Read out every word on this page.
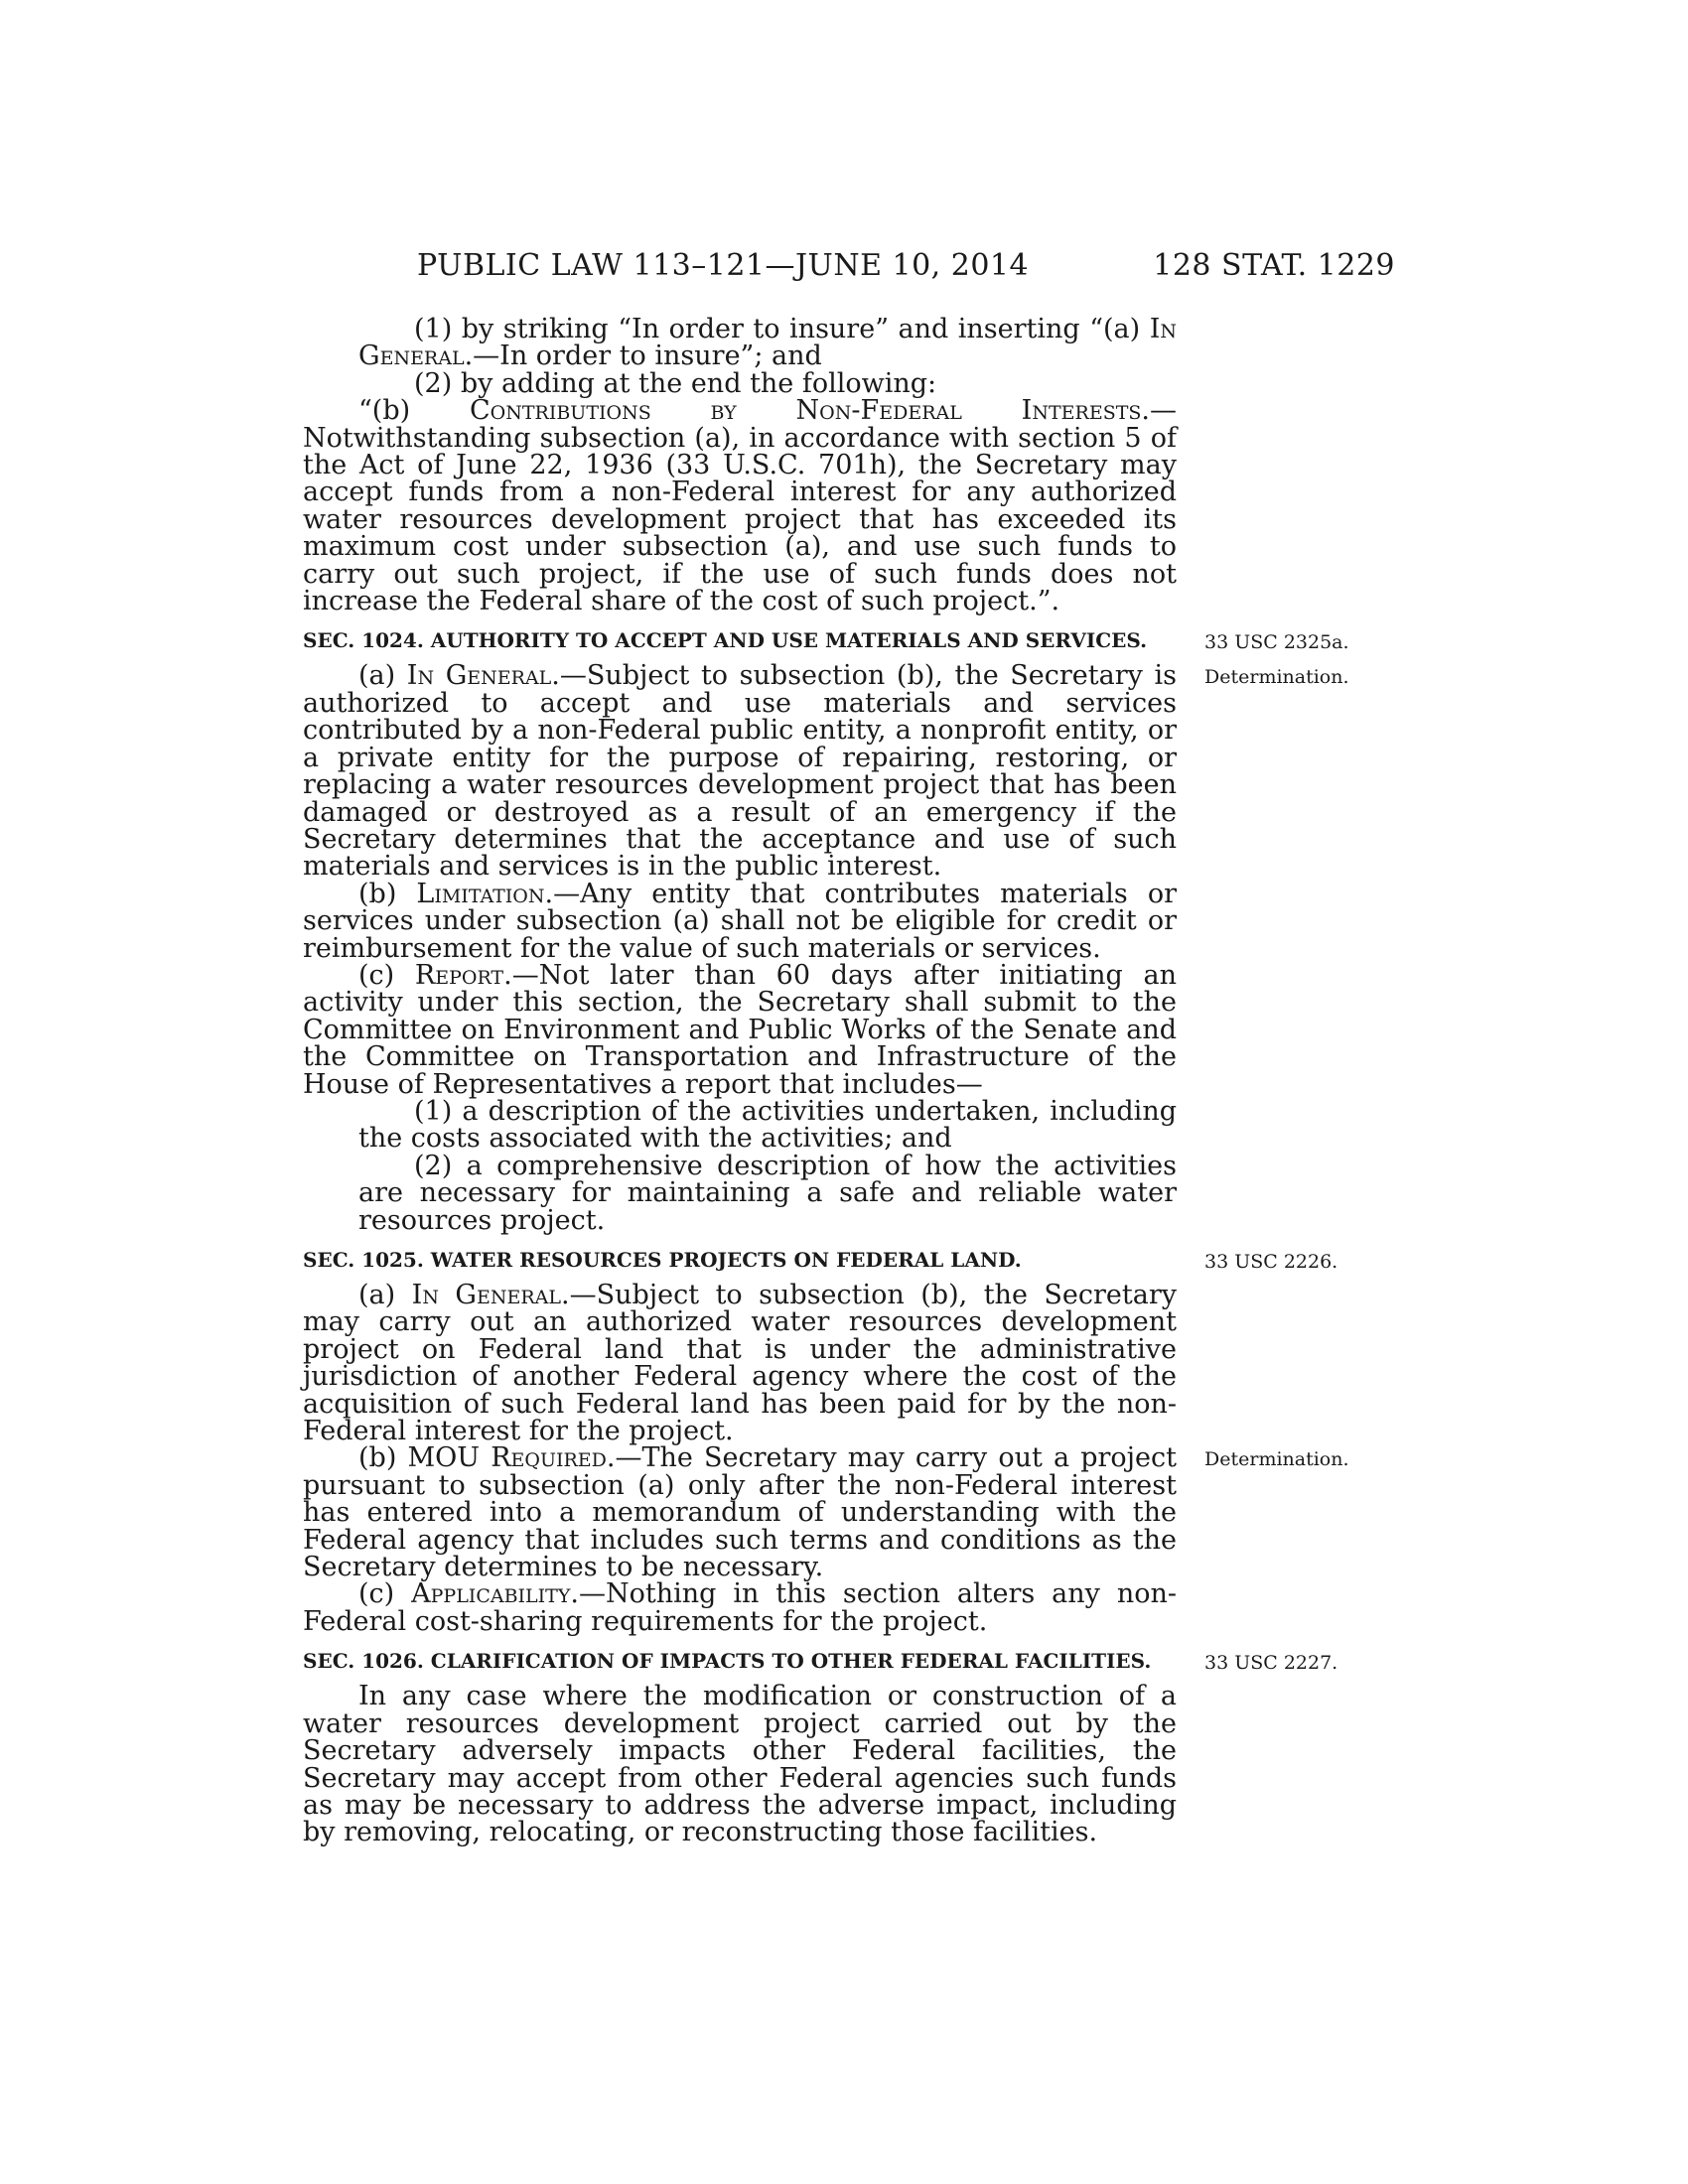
PUBLIC LAW 113–121—JUNE 10, 2014	128 STAT. 1229

(1) by striking “In order to insure” and inserting “(a) In General.—In order to insure”; and

(2) by adding at the end the following:

“(b) Contributions by Non-Federal Interests.—Notwithstanding subsection (a), in accordance with section 5 of the Act of June 22, 1936 (33 U.S.C. 701h), the Secretary may accept funds from a non-Federal interest for any authorized water resources development project that has exceeded its maximum cost under subsection (a), and use such funds to carry out such project, if the use of such funds does not increase the Federal share of the cost of such project.”.

SEC. 1024. AUTHORITY TO ACCEPT AND USE MATERIALS AND SERVICES.	33 USC 2325a.

(a) In General.—Subject to subsection (b), the Secretary is authorized to accept and use materials and services contributed by a non-Federal public entity, a nonprofit entity, or a private entity for the purpose of repairing, restoring, or replacing a water resources development project that has been damaged or destroyed as a result of an emergency if the Secretary determines that the acceptance and use of such materials and services is in the public interest.
Determination.

(b) Limitation.—Any entity that contributes materials or services under subsection (a) shall not be eligible for credit or reimbursement for the value of such materials or services.

(c) Report.—Not later than 60 days after initiating an activity under this section, the Secretary shall submit to the Committee on Environment and Public Works of the Senate and the Committee on Transportation and Infrastructure of the House of Representatives a report that includes—

(1) a description of the activities undertaken, including the costs associated with the activities; and

(2) a comprehensive description of how the activities are necessary for maintaining a safe and reliable water resources project.

SEC. 1025. WATER RESOURCES PROJECTS ON FEDERAL LAND.	33 USC 2226.

(a) In General.—Subject to subsection (b), the Secretary may carry out an authorized water resources development project on Federal land that is under the administrative jurisdiction of another Federal agency where the cost of the acquisition of such Federal land has been paid for by the non-Federal interest for the project.

(b) MOU Required.—The Secretary may carry out a project pursuant to subsection (a) only after the non-Federal interest has entered into a memorandum of understanding with the Federal agency that includes such terms and conditions as the Secretary determines to be necessary.
Determination.

(c) Applicability.—Nothing in this section alters any non-Federal cost-sharing requirements for the project.

SEC. 1026. CLARIFICATION OF IMPACTS TO OTHER FEDERAL FACILITIES.	33 USC 2227.

In any case where the modification or construction of a water resources development project carried out by the Secretary adversely impacts other Federal facilities, the Secretary may accept from other Federal agencies such funds as may be necessary to address the adverse impact, including by removing, relocating, or reconstructing those facilities.
